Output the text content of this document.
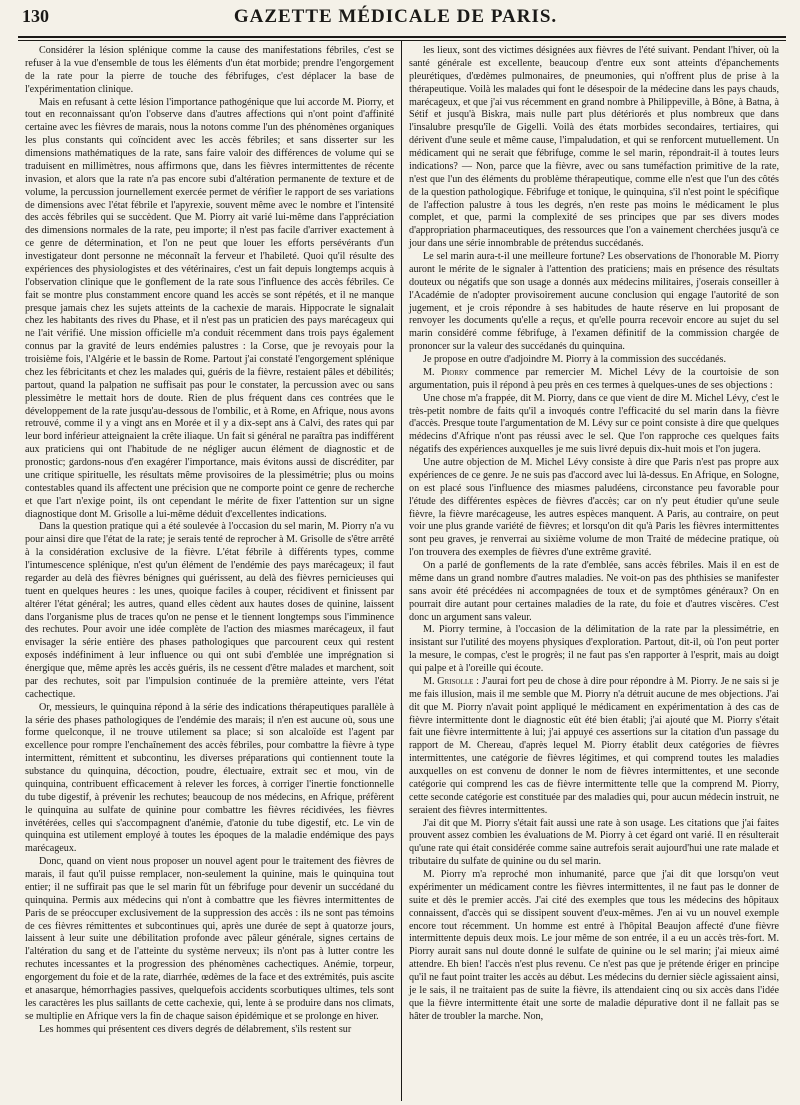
130	GAZETTE MÉDICALE DE PARIS.

Considérer la lésion splénique comme la cause des manifestations fébriles, c'est se refuser à la vue d'ensemble de tous les éléments d'un état morbide; prendre l'engorgement de la rate pour la pierre de touche des fébrifuges, c'est déplacer la base de l'expérimentation clinique.

Mais en refusant à cette lésion l'importance pathogénique que lui accorde M. Piorry, et tout en reconnaissant qu'on l'observe dans d'autres affections qui n'ont point d'affinité certaine avec les fièvres de marais, nous la notons comme l'un des phénomènes organiques les plus constants qui coïncident avec les accès fébriles; et sans disserter sur les dimensions mathématiques de la rate, sans faire valoir des différences de volume qui se traduisent en millimètres, nous affirmons que, dans les fièvres intermittentes de récente invasion, et alors que la rate n'a pas encore subi d'altération permanente de texture et de volume, la percussion journellement exercée permet de vérifier le rapport de ses variations de dimensions avec l'état fébrile et l'apyrexie, souvent même avec le nombre et l'intensité des accès fébriles qui se succèdent. Que M. Piorry ait varié lui-même dans l'appréciation des dimensions normales de la rate, peu importe; il n'est pas facile d'arriver exactement à ce genre de détermination, et l'on ne peut que louer les efforts persévérants d'un investigateur dont personne ne méconnaît la ferveur et l'habileté. Quoi qu'il résulte des expériences des physiologistes et des vétérinaires, c'est un fait depuis longtemps acquis à l'observation clinique que le gonflement de la rate sous l'influence des accès fébriles. Ce fait se montre plus constamment encore quand les accès se sont répétés, et il ne manque presque jamais chez les sujets atteints de la cachexie de marais. Hippocrate le signalait chez les habitants des rives du Phase, et il n'est pas un praticien des pays marécageux qui ne l'ait vérifié. Une mission officielle m'a conduit récemment dans trois pays également connus par la gravité de leurs endémies palustres : la Corse, que je revoyais pour la troisième fois, l'Algérie et le bassin de Rome. Partout j'ai constaté l'engorgement splénique chez les fébricitants et chez les malades qui, guéris de la fièvre, restaient pâles et débilités; partout, quand la palpation ne suffisait pas pour le constater, la percussion avec ou sans plessimètre le mettait hors de doute. Rien de plus fréquent dans ces contrées que le développement de la rate jusqu'au-dessous de l'ombilic, et à Rome, en Afrique, nous avons retrouvé, comme il y a vingt ans en Morée et il y a dix-sept ans à Calvi, des rates qui par leur bord inférieur atteignaient la crête iliaque. Un fait si général ne paraîtra pas indifférent aux praticiens qui ont l'habitude de ne négliger aucun élément de diagnostic et de pronostic; gardons-nous d'en exagérer l'importance, mais évitons aussi de discréditer, par une critique spirituelle, les résultats même provisoires de la plessimétrie; plus ou moins contestables quand ils affectent une précision que ne comporte point ce genre de recherche et que l'art n'exige point, ils ont cependant le mérite de fixer l'attention sur un signe diagnostique dont M. Grisolle a lui-même déduit d'excellentes indications.

Dans la question pratique qui a été soulevée à l'occasion du sel marin, M. Piorry n'a vu pour ainsi dire que l'état de la rate; je serais tenté de reprocher à M. Grisolle de s'être arrêté à la considération exclusive de la fièvre. L'état fébrile à différents types, comme l'intumescence splénique, n'est qu'un élément de l'endémie des pays marécageux; il faut regarder au delà des fièvres bénignes qui guérissent, au delà des fièvres pernicieuses qui tuent en quelques heures : les unes, quoique faciles à couper, récidivent et finissent par altérer l'état général; les autres, quand elles cèdent aux hautes doses de quinine, laissent dans l'organisme plus de traces qu'on ne pense et le tiennent longtemps sous l'imminence des rechutes. Pour avoir une idée complète de l'action des miasmes marécageux, il faut envisager la série entière des phases pathologiques que parcourent ceux qui restent exposés indéfiniment à leur influence ou qui ont subi d'emblée une imprégnation si énergique que, même après les accès guéris, ils ne cessent d'être malades et marchent, soit par des rechutes, soit par l'impulsion continuée de la première atteinte, vers l'état cachectique.

Or, messieurs, le quinquina répond à la série des indications thérapeutiques parallèle à la série des phases pathologiques de l'endémie des marais; il n'en est aucune où, sous une forme quelconque, il ne trouve utilement sa place; si son alcaloïde est l'agent par excellence pour rompre l'enchaînement des accès fébriles, pour combattre la fièvre à type intermittent, rémittent et subcontinu, les diverses préparations qui contiennent toute la substance du quinquina, décoction, poudre, électuaire, extrait sec et mou, vin de quinquina, contribuent efficacement à relever les forces, à corriger l'inertie fonctionnelle du tube digestif, à prévenir les rechutes; beaucoup de nos médecins, en Afrique, préfèrent le quinquina au sulfate de quinine pour combattre les fièvres récidivées, les fièvres invétérées, celles qui s'accompagnent d'anémie, d'atonie du tube digestif, etc. Le vin de quinquina est utilement employé à toutes les époques de la maladie endémique des pays marécageux.

Donc, quand on vient nous proposer un nouvel agent pour le traitement des fièvres de marais, il faut qu'il puisse remplacer, non-seulement la quinine, mais le quinquina tout entier; il ne suffirait pas que le sel marin fût un fébrifuge pour devenir un succédané du quinquina. Permis aux médecins qui n'ont à combattre que les fièvres intermittentes de Paris de se préoccuper exclusivement de la suppression des accès : ils ne sont pas témoins de ces fièvres rémittentes et subcontinues qui, après une durée de sept à quatorze jours, laissent à leur suite une débilitation profonde avec pâleur générale, signes certains de l'altération du sang et de l'atteinte du système nerveux; ils n'ont pas à lutter contre les rechutes incessantes et la progression des phénomènes cachectiques. Anémie, torpeur, engorgement du foie et de la rate, diarrhée, œdèmes de la face et des extrémités, puis ascite et anasarque, hémorrhagies passives, quelquefois accidents scorbutiques ultimes, tels sont les caractères les plus saillants de cette cachexie, qui, lente à se produire dans nos climats, se multiplie en Afrique vers la fin de chaque saison épidémique et se prolonge en hiver.

Les hommes qui présentent ces divers degrés de délabrement, s'ils restent sur

les lieux, sont des victimes désignées aux fièvres de l'été suivant. Pendant l'hiver, où la santé générale est excellente, beaucoup d'entre eux sont atteints d'épanchements pleurétiques, d'œdèmes pulmonaires, de pneumonies, qui n'offrent plus de prise à la thérapeutique. Voilà les malades qui font le désespoir de la médecine dans les pays chauds, marécageux, et que j'ai vus récemment en grand nombre à Philippeville, à Bône, à Batna, à Sétif et jusqu'à Biskra, mais nulle part plus détériorés et plus nombreux que dans l'insalubre presqu'île de Gigelli. Voilà des états morbides secondaires, tertiaires, qui dérivent d'une seule et même cause, l'impaludation, et qui se renforcent mutuellement. Un médicament qui ne serait que fébrifuge, comme le sel marin, répondrait-il à toutes leurs indications? — Non, parce que la fièvre, avec ou sans tuméfaction primitive de la rate, n'est que l'un des éléments du problème thérapeutique, comme elle n'est que l'un des côtés de la question pathologique. Fébrifuge et tonique, le quinquina, s'il n'est point le spécifique de l'affection palustre à tous les degrés, n'en reste pas moins le médicament le plus complet, et que, parmi la complexité de ses principes que par ses divers modes d'appropriation pharmaceutiques, des ressources que l'on a vainement cherchées jusqu'à ce jour dans une série innombrable de prétendus succédanés.

Le sel marin aura-t-il une meilleure fortune? Les observations de l'honorable M. Piorry auront le mérite de le signaler à l'attention des praticiens; mais en présence des résultats douteux ou négatifs que son usage a donnés aux médecins militaires, j'oserais conseiller à l'Académie de n'adopter provisoirement aucune conclusion qui engage l'autorité de son jugement, et je crois répondre à ses habitudes de haute réserve en lui proposant de renvoyer les documents qu'elle a reçus, et qu'elle pourra recevoir encore au sujet du sel marin considéré comme fébrifuge, à l'examen définitif de la commission chargée de prononcer sur la valeur des succédanés du quinquina.

Je propose en outre d'adjoindre M. Piorry à la commission des succédanés.

M. Piorry commence par remercier M. Michel Lévy de la courtoisie de son argumentation, puis il répond à peu près en ces termes à quelques-unes de ses objections :

Une chose m'a frappée, dit M. Piorry, dans ce que vient de dire M. Michel Lévy, c'est le très-petit nombre de faits qu'il a invoqués contre l'efficacité du sel marin dans la fièvre d'accès. Presque toute l'argumentation de M. Lévy sur ce point consiste à dire que quelques médecins d'Afrique n'ont pas réussi avec le sel. Que l'on rapproche ces quelques faits négatifs des expériences auxquelles je me suis livré depuis dix-huit mois et l'on jugera.

Une autre objection de M. Michel Lévy consiste à dire que Paris n'est pas propre aux expériences de ce genre. Je ne suis pas d'accord avec lui là-dessus. En Afrique, en Sologne, on est placé sous l'influence des miasmes paludéens, circonstance peu favorable pour l'étude des différentes espèces de fièvres d'accès; car on n'y peut étudier qu'une seule fièvre, la fièvre marécageuse, les autres espèces manquent. A Paris, au contraire, on peut voir une plus grande variété de fièvres; et lorsqu'on dit qu'à Paris les fièvres intermittentes sont peu graves, je renverrai au sixième volume de mon Traité de médecine pratique, où l'on trouvera des exemples de fièvres d'une extrême gravité.

On a parlé de gonflements de la rate d'emblée, sans accès fébriles. Mais il en est de même dans un grand nombre d'autres maladies. Ne voit-on pas des phthisies se manifester sans avoir été précédées ni accompagnées de toux et de symptômes généraux? On en pourrait dire autant pour certaines maladies de la rate, du foie et d'autres viscères. C'est donc un argument sans valeur.

M. Piorry termine, à l'occasion de la délimitation de la rate par la plessimétrie, en insistant sur l'utilité des moyens physiques d'exploration. Partout, dit-il, où l'on peut porter la mesure, le compas, c'est le progrès; il ne faut pas s'en rapporter à l'esprit, mais au doigt qui palpe et à l'oreille qui écoute.

M. Grisolle : J'aurai fort peu de chose à dire pour répondre à M. Piorry. Je ne sais si je me fais illusion, mais il me semble que M. Piorry n'a détruit aucune de mes objections. J'ai dit que M. Piorry n'avait point appliqué le médicament en expérimentation à des cas de fièvre intermittente dont le diagnostic eût été bien établi; j'ai ajouté que M. Piorry s'était fait une fièvre intermittente à lui; j'ai appuyé ces assertions sur la citation d'un passage du rapport de M. Chereau, d'après lequel M. Piorry établit deux catégories de fièvres intermittentes, une catégorie de fièvres légitimes, et qui comprend toutes les maladies auxquelles on est convenu de donner le nom de fièvres intermittentes, et une seconde catégorie qui comprend les cas de fièvre intermittente telle que la comprend M. Piorry, cette seconde catégorie est constituée par des maladies qui, pour aucun médecin instruit, ne seraient des fièvres intermittentes.

J'ai dit que M. Piorry s'était fait aussi une rate à son usage. Les citations que j'ai faites prouvent assez combien les évaluations de M. Piorry à cet égard ont varié. Il en résulterait qu'une rate qui était considérée comme saine autrefois serait aujourd'hui une rate malade et tributaire du sulfate de quinine ou du sel marin.

M. Piorry m'a reproché mon inhumanité, parce que j'ai dit que lorsqu'on veut expérimenter un médicament contre les fièvres intermittentes, il ne faut pas le donner de suite et dès le premier accès. J'ai cité des exemples que tous les médecins des hôpitaux connaissent, d'accès qui se dissipent souvent d'eux-mêmes. J'en ai vu un nouvel exemple encore tout récemment. Un homme est entré à l'hôpital Beaujon affecté d'une fièvre intermittente depuis deux mois. Le jour même de son entrée, il a eu un accès très-fort. M. Piorry aurait sans nul doute donné le sulfate de quinine ou le sel marin; j'ai mieux aimé attendre. Eh bien! l'accès n'est plus revenu. Ce n'est pas que je prétende ériger en principe qu'il ne faut point traiter les accès au début. Les médecins du dernier siècle agissaient ainsi, je le sais, il ne traitaient pas de suite la fièvre, ils attendaient cinq ou six accès dans l'idée que la fièvre intermittente était une sorte de maladie dépurative dont il ne fallait pas se hâter de troubler la marche. Non,
